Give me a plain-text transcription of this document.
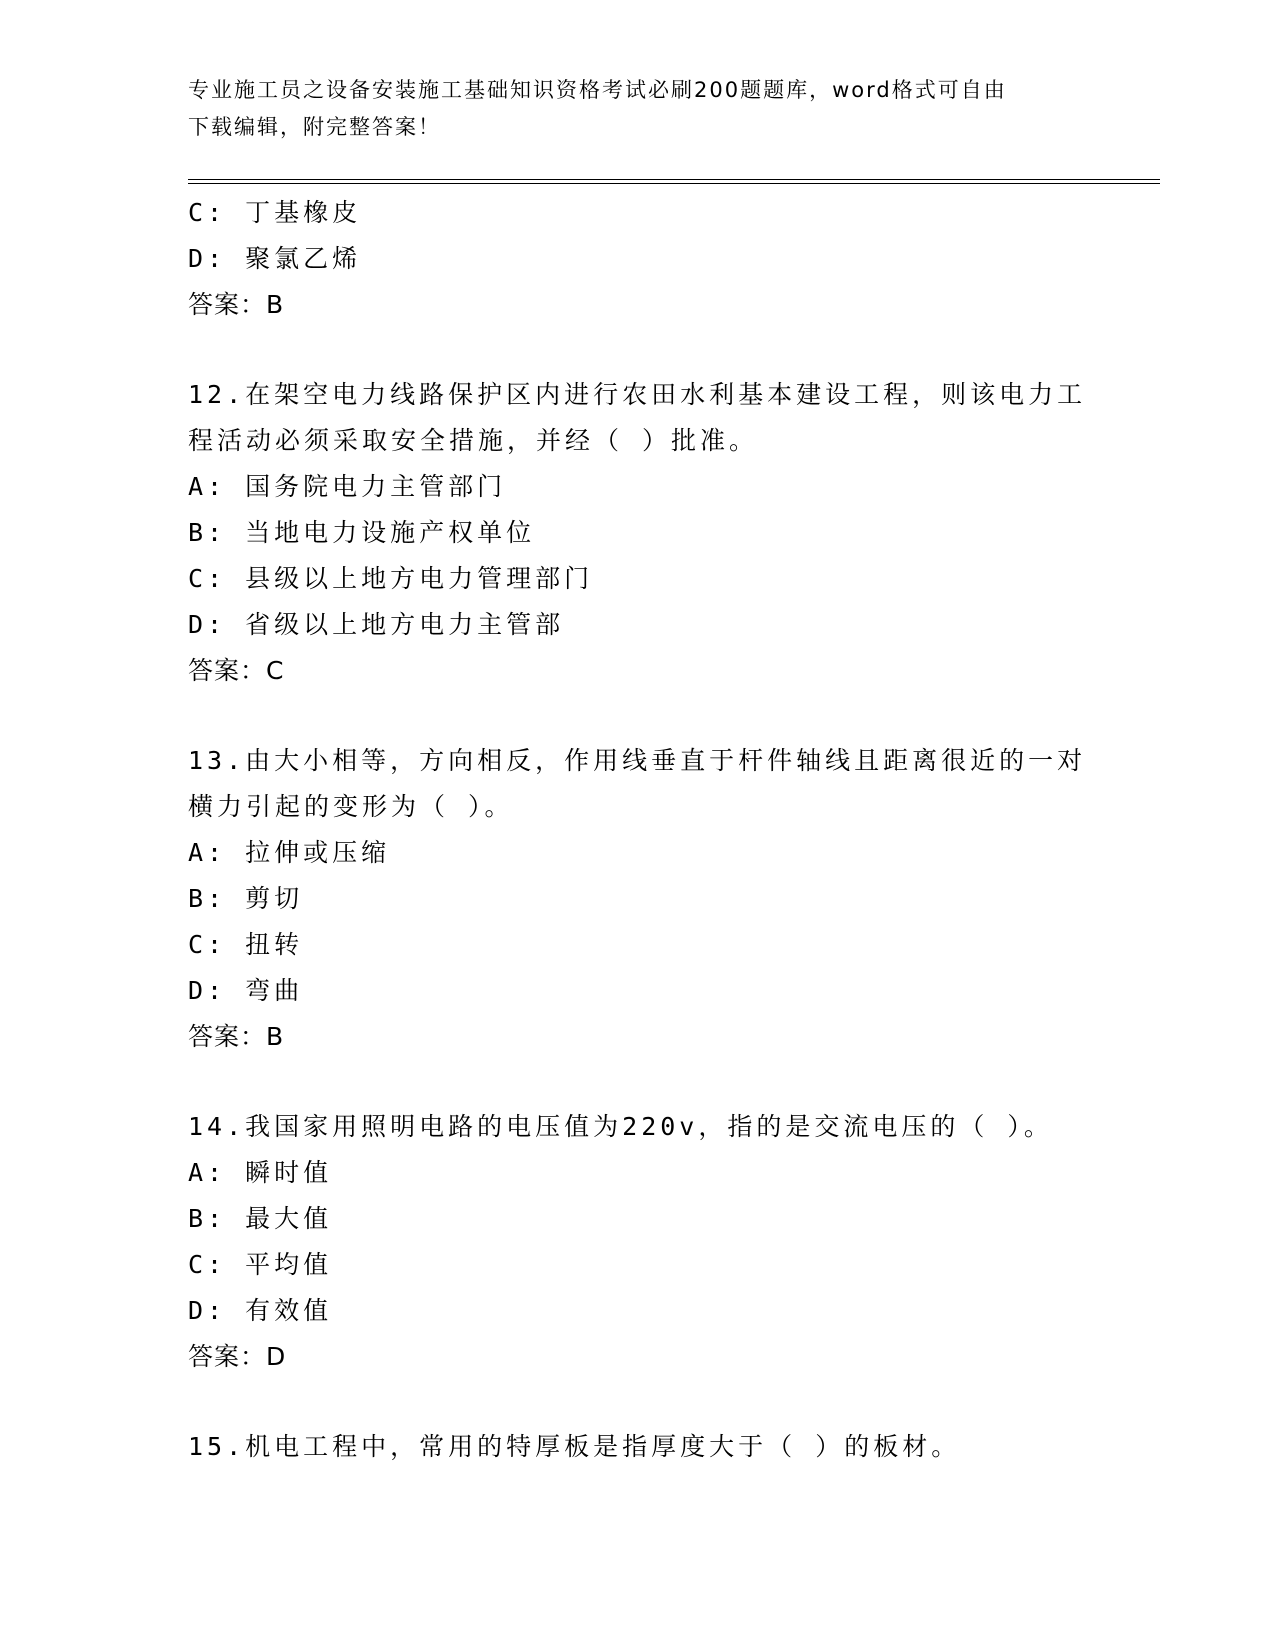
专业施工员之设备安装施工基础知识资格考试必刷200题题库，word格式可自由
下载编辑，附完整答案！
C: 丁基橡皮
D: 聚氯乙烯
答案：B
12.在架空电力线路保护区内进行农田水利基本建设工程，则该电力工
程活动必须采取安全措施，并经（ ）批准。
A: 国务院电力主管部门
B: 当地电力设施产权单位
C: 县级以上地方电力管理部门
D: 省级以上地方电力主管部
答案：C
13.由大小相等，方向相反，作用线垂直于杆件轴线且距离很近的一对
横力引起的变形为（ ）。
A: 拉伸或压缩
B: 剪切
C: 扭转
D: 弯曲
答案：B
14.我国家用照明电路的电压值为220v，指的是交流电压的（ ）。
A: 瞬时值
B: 最大值
C: 平均值
D: 有效值
答案：D
15.机电工程中，常用的特厚板是指厚度大于（ ）的板材。
